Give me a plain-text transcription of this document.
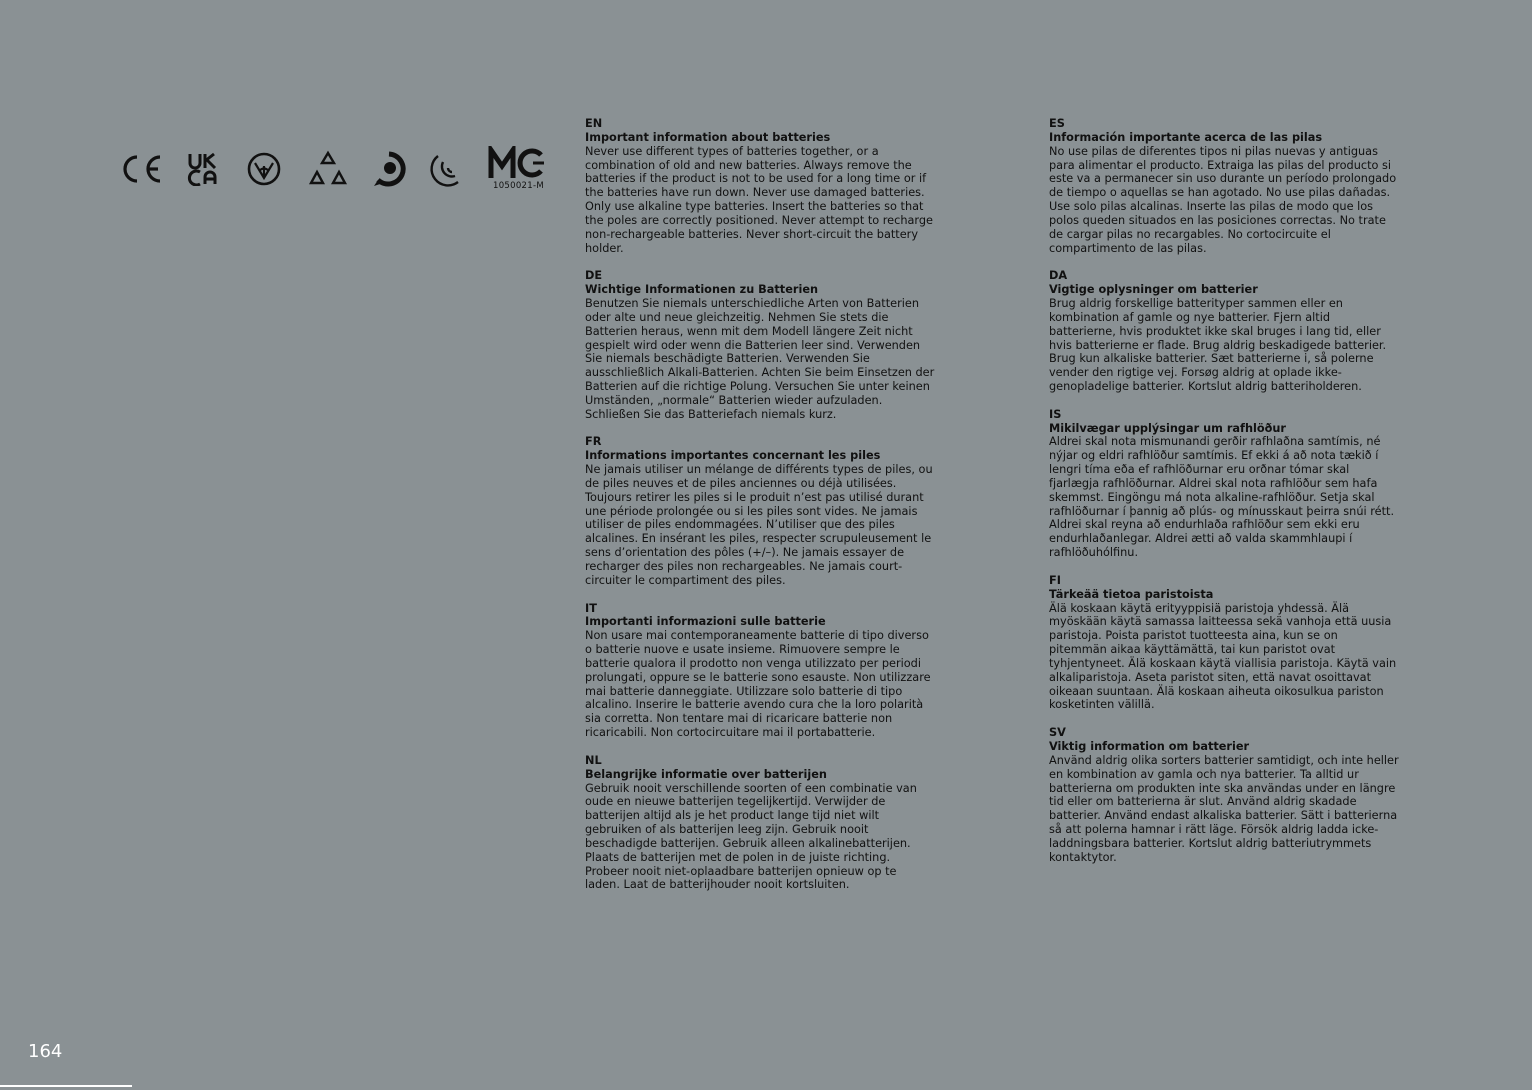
1050021-M
EN
Important information about batteries
Never use different types of batteries together, or a combination of old and new batteries. Always remove the batteries if the product is not to be used for a long time or if the batteries have run down. Never use damaged batteries. Only use alkaline type batteries. Insert the batteries so that the poles are correctly positioned. Never attempt to recharge non-rechargeable batteries. Never short-circuit the battery holder.
DE
Wichtige Informationen zu Batterien
Benutzen Sie niemals unterschiedliche Arten von Batterien oder alte und neue gleichzeitig. Nehmen Sie stets die Batterien heraus, wenn mit dem Modell längere Zeit nicht gespielt wird oder wenn die Batterien leer sind. Verwenden Sie niemals beschädigte Batterien. Verwenden Sie ausschließlich Alkali-Batterien. Achten Sie beim Einsetzen der Batterien auf die richtige Polung. Versuchen Sie unter keinen Umständen, „normale“ Batterien wieder aufzuladen. Schließen Sie das Batteriefach niemals kurz.
FR
Informations importantes concernant les piles
Ne jamais utiliser un mélange de différents types de piles, ou de piles neuves et de piles anciennes ou déjà utilisées. Toujours retirer les piles si le produit n’est pas utilisé durant une période prolongée ou si les piles sont vides. Ne jamais utiliser de piles endommagées. N’utiliser que des piles alcalines. En insérant les piles, respecter scrupuleusement le sens d’orientation des pôles (+/–). Ne jamais essayer de recharger des piles non rechargeables. Ne jamais court-circuiter le compartiment des piles.
IT
Importanti informazioni sulle batterie
Non usare mai contemporaneamente batterie di tipo diverso o batterie nuove e usate insieme. Rimuovere sempre le batterie qualora il prodotto non venga utilizzato per periodi prolungati, oppure se le batterie sono esauste. Non utilizzare mai batterie danneggiate. Utilizzare solo batterie di tipo alcalino. Inserire le batterie avendo cura che la loro polarità sia corretta. Non tentare mai di ricaricare batterie non ricaricabili. Non cortocircuitare mai il portabatterie.
NL
Belangrijke informatie over batterijen
Gebruik nooit verschillende soorten of een combinatie van oude en nieuwe batterijen tegelijkertijd. Verwijder de batterijen altijd als je het product lange tijd niet wilt gebruiken of als batterijen leeg zijn. Gebruik nooit beschadigde batterijen. Gebruik alleen alkalinebatterijen. Plaats de batterijen met de polen in de juiste richting. Probeer nooit niet-oplaadbare batterijen opnieuw op te laden. Laat de batterijhouder nooit kortsluiten.
ES
Información importante acerca de las pilas
No use pilas de diferentes tipos ni pilas nuevas y antiguas para alimentar el producto. Extraiga las pilas del producto si este va a permanecer sin uso durante un período prolongado de tiempo o aquellas se han agotado. No use pilas dañadas. Use solo pilas alcalinas. Inserte las pilas de modo que los polos queden situados en las posiciones correctas. No trate de cargar pilas no recargables. No cortocircuite el compartimento de las pilas.
DA
Vigtige oplysninger om batterier
Brug aldrig forskellige batterityper sammen eller en kombination af gamle og nye batterier. Fjern altid batterierne, hvis produktet ikke skal bruges i lang tid, eller hvis batterierne er flade. Brug aldrig beskadigede batterier. Brug kun alkaliske batterier. Sæt batterierne i, så polerne vender den rigtige vej. Forsøg aldrig at oplade ikke-genopladelige batterier. Kortslut aldrig batteriholderen.
IS
Mikilvægar upplýsingar um rafhlöður
Aldrei skal nota mismunandi gerðir rafhlaðna samtímis, né nýjar og eldri rafhlöður samtímis. Ef ekki á að nota tækið í lengri tíma eða ef rafhlöðurnar eru orðnar tómar skal fjarlægja rafhlöðurnar. Aldrei skal nota rafhlöður sem hafa skemmst. Eingöngu má nota alkaline-rafhlöður. Setja skal rafhlöðurnar í þannig að plús- og mínusskaut þeirra snúi rétt. Aldrei skal reyna að endurhlaða rafhlöður sem ekki eru endurhlaðanlegar. Aldrei ætti að valda skammhlaupi í rafhlöðuhólfinu.
FI
Tärkeää tietoa paristoista
Älä koskaan käytä erityyppisiä paristoja yhdessä. Älä myöskään käytä samassa laitteessa sekä vanhoja että uusia paristoja. Poista paristot tuotteesta aina, kun se on pitemmän aikaa käyttämättä, tai kun paristot ovat tyhjentyneet. Älä koskaan käytä viallisia paristoja. Käytä vain alkaliparistoja. Aseta paristot siten, että navat osoittavat oikeaan suuntaan. Älä koskaan aiheuta oikosulkua pariston kosketinten välillä.
SV
Viktig information om batterier
Använd aldrig olika sorters batterier samtidigt, och inte heller en kombination av gamla och nya batterier. Ta alltid ur batterierna om produkten inte ska användas under en längre tid eller om batterierna är slut. Använd aldrig skadade batterier. Använd endast alkaliska batterier. Sätt i batterierna så att polerna hamnar i rätt läge. Försök aldrig ladda icke-laddningsbara batterier. Kortslut aldrig batteriutrymmets kontaktytor.
164
